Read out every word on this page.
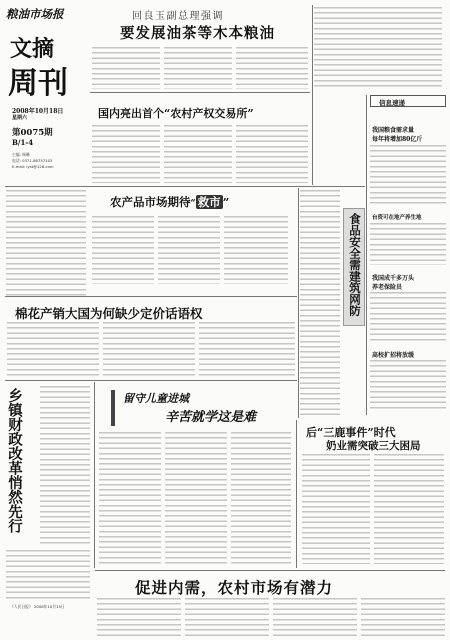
粮油市场报
文摘
周刊
2008年10月18日
星期六
第0075期
B/1-4
主编: 杨琳
电话: 0371-86757103
E-mail: lyst@126.com
回良玉副总理强调
要发展油茶等木本粮油
国内亮出首个“农村产权交易所”
信息速递
我国粮食需求量
每年将增加80亿斤
台资可在地产养生地
我国成千多万头
养老保险员
高校扩招将放缓
农产品市场期待“ 救市 ”
食品安全需建筑网防
棉花产销大国为何缺少定价话语权
乡镇财政改革悄然先行
《人民日报》 2008年10月15日
留守儿童进城
辛苦就学这是难
后“三鹿事件”时代
奶业需突破三大困局
促进内需，农村市场有潜力
